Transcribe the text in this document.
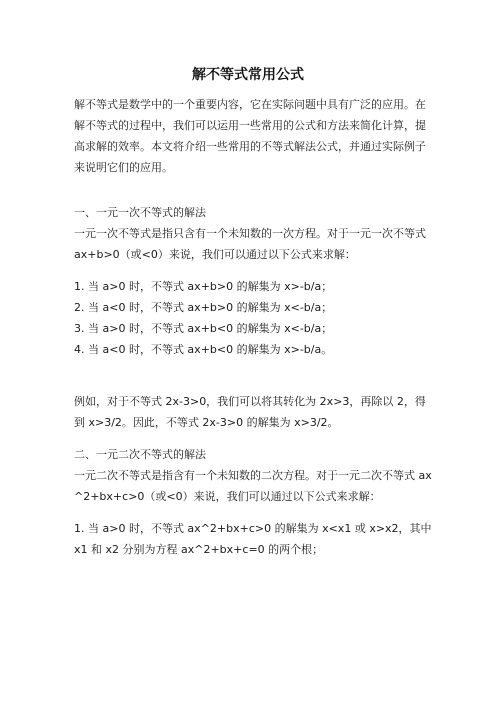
解不等式常用公式

解不等式是数学中的一个重要内容，它在实际问题中具有广泛的应用。在解不等式的过程中，我们可以运用一些常用的公式和方法来简化计算，提高求解的效率。本文将介绍一些常用的不等式解法公式，并通过实际例子来说明它们的应用。

一、一元一次不等式的解法

一元一次不等式是指只含有一个未知数的一次方程。对于一元一次不等式 ax+b>0（或<0）来说，我们可以通过以下公式来求解：

1. 当 a>0 时，不等式 ax+b>0 的解集为 x>-b/a；

2. 当 a<0 时，不等式 ax+b>0 的解集为 x<-b/a；

3. 当 a>0 时，不等式 ax+b<0 的解集为 x<-b/a；

4. 当 a<0 时，不等式 ax+b<0 的解集为 x>-b/a。

例如，对于不等式 2x-3>0，我们可以将其转化为 2x>3，再除以 2，得到 x>3/2。因此，不等式 2x-3>0 的解集为 x>3/2。

二、一元二次不等式的解法

一元二次不等式是指含有一个未知数的二次方程。对于一元二次不等式 ax^2+bx+c>0（或<0）来说，我们可以通过以下公式来求解：

1. 当 a>0 时，不等式 ax^2+bx+c>0 的解集为 x<x1 或 x>x2，其中 x1 和 x2 分别为方程 ax^2+bx+c=0 的两个根；
